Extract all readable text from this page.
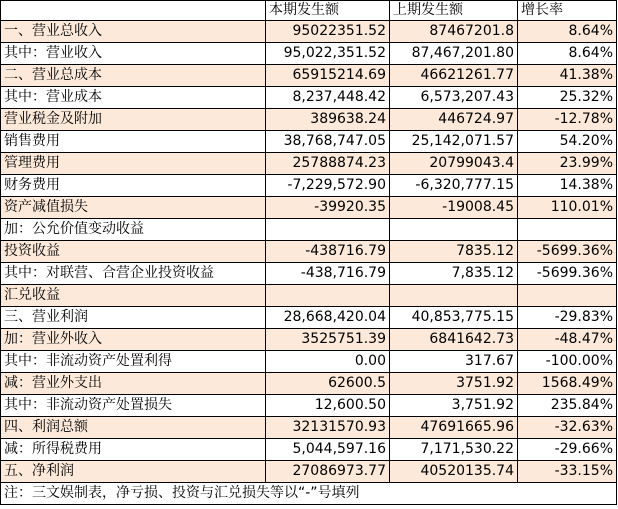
	本期发生额	上期发生额	增长率
一、营业总收入	95022351.52	87467201.8	8.64%
其中：营业收入	95,022,351.52	87,467,201.80	8.64%
二、营业总成本	65915214.69	46621261.77	41.38%
其中：营业成本	8,237,448.42	6,573,207.43	25.32%
营业税金及附加	389638.24	446724.97	-12.78%
销售费用	38,768,747.05	25,142,071.57	54.20%
管理费用	25788874.23	20799043.4	23.99%
财务费用	-7,229,572.90	-6,320,777.15	14.38%
资产减值损失	-39920.35	-19008.45	110.01%
加：公允价值变动收益			
投资收益	-438716.79	7835.12	-5699.36%
其中：对联营、合营企业投资收益	-438,716.79	7,835.12	-5699.36%
汇兑收益			
三、营业利润	28,668,420.04	40,853,775.15	-29.83%
加：营业外收入	3525751.39	6841642.73	-48.47%
其中：非流动资产处置利得	0.00	317.67	-100.00%
减：营业外支出	62600.5	3751.92	1568.49%
其中：非流动资产处置损失	12,600.50	3,751.92	235.84%
四、利润总额	32131570.93	47691665.96	-32.63%
减：所得税费用	5,044,597.16	7,171,530.22	-29.66%
五、净利润	27086973.77	40520135.74	-33.15%
注：三文娱制表，净亏损、投资与汇兑损失等以“-”号填列			
